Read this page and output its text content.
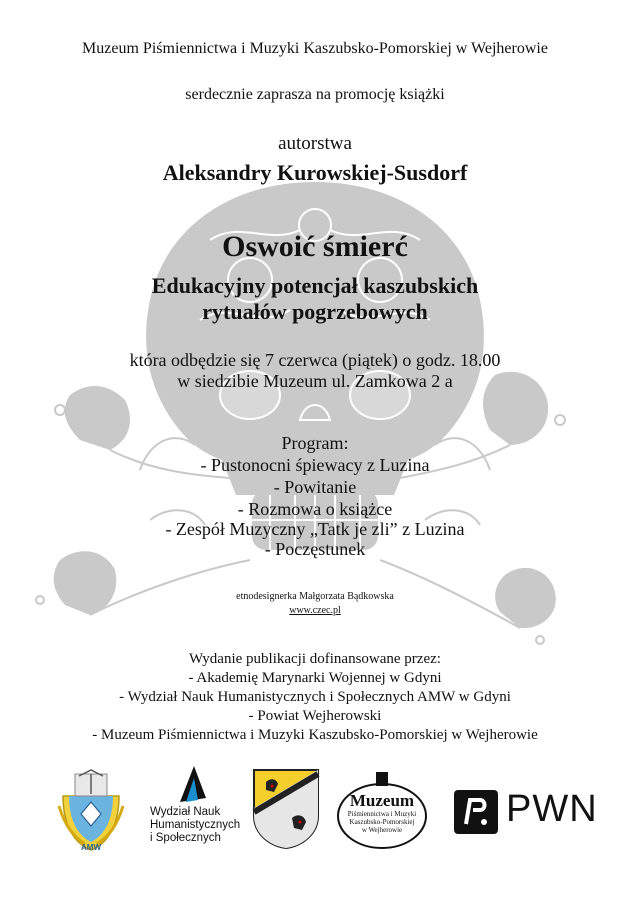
Muzeum Piśmiennictwa i Muzyki Kaszubsko-Pomorskiej w Wejherowie
serdecznie zaprasza na promocję książki
autorstwa
Aleksandry Kurowskiej-Susdorf
Oswoić śmierć
Edukacyjny potencjał kaszubskich
rytuałów pogrzebowych
która odbędzie się 7 czerwca (piątek) o godz. 18.00
w siedzibie Muzeum ul. Zamkowa 2 a
Program:
- Pustonocni śpiewacy z Luzina
- Powitanie
- Rozmowa o książce
- Zespół Muzyczny „Tatk je zli” z Luzina
- Poczęstunek
etnodesignerka Małgorzata Bądkowska
www.czec.pl
Wydanie publikacji dofinansowane przez:
- Akademię Marynarki Wojennej w Gdyni
- Wydział Nauk Humanistycznych i Społecznych AMW w Gdyni
- Powiat Wejherowski
- Muzeum Piśmiennictwa i Muzyki Kaszubsko-Pomorskiej w Wejherowie
AMW
Wydział Nauk
Humanistycznych
i Społecznych
Muzeum
Piśmiennictwa i Muzyki
Kaszubsko-Pomorskiej
w Wejherowie	PWN
